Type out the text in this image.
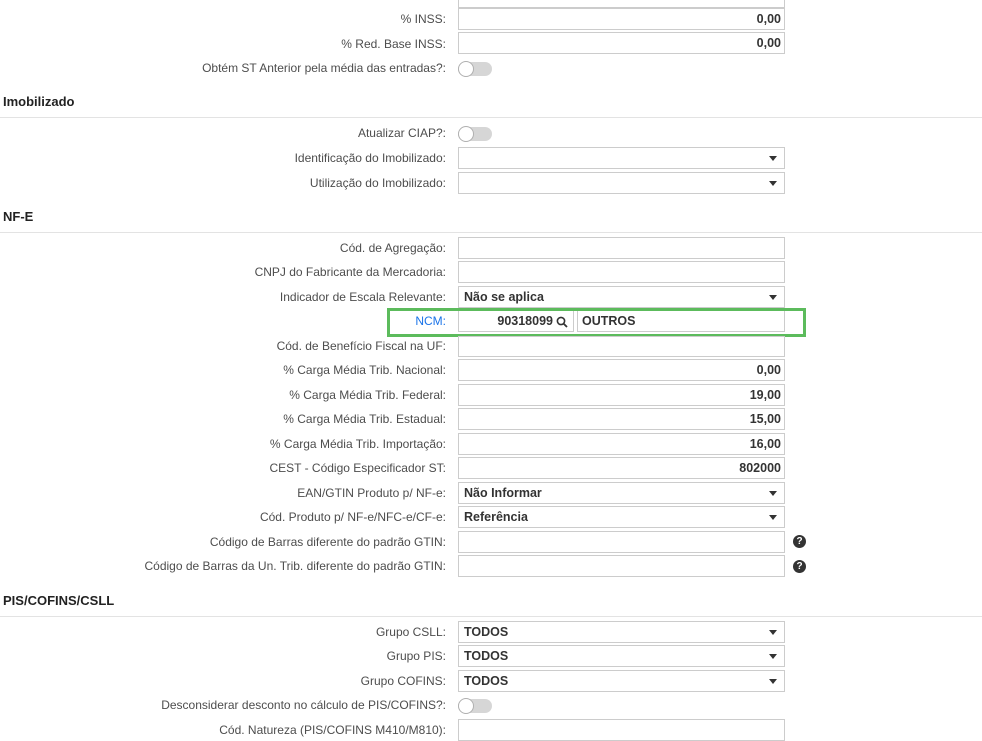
% INSS:	0,00
% Red. Base INSS:	0,00
Obtém ST Anterior pela média das entradas?:
Imobilizado
Atualizar CIAP?:
Identificação do Imobilizado:
Utilização do Imobilizado:
NF-E
Cód. de Agregação:
CNPJ do Fabricante da Mercadoria:
Indicador de Escala Relevante: Não se aplica
NCM:	90318099 OUTROS
Cód. de Benefício Fiscal na UF:
% Carga Média Trib. Nacional:	0,00
% Carga Média Trib. Federal:	19,00
% Carga Média Trib. Estadual:	15,00
% Carga Média Trib. Importação:	16,00
CEST - Código Especificador ST:	802000
EAN/GTIN Produto p/ NF-e: Não Informar
Cód. Produto p/ NF-e/NFC-e/CF-e: Referência
Código de Barras diferente do padrão GTIN:	?
Código de Barras da Un. Trib. diferente do padrão GTIN:	?
PIS/COFINS/CSLL
Grupo CSLL: TODOS
Grupo PIS: TODOS
Grupo COFINS: TODOS
Desconsiderar desconto no cálculo de PIS/COFINS?:
Cód. Natureza (PIS/COFINS M410/M810):
